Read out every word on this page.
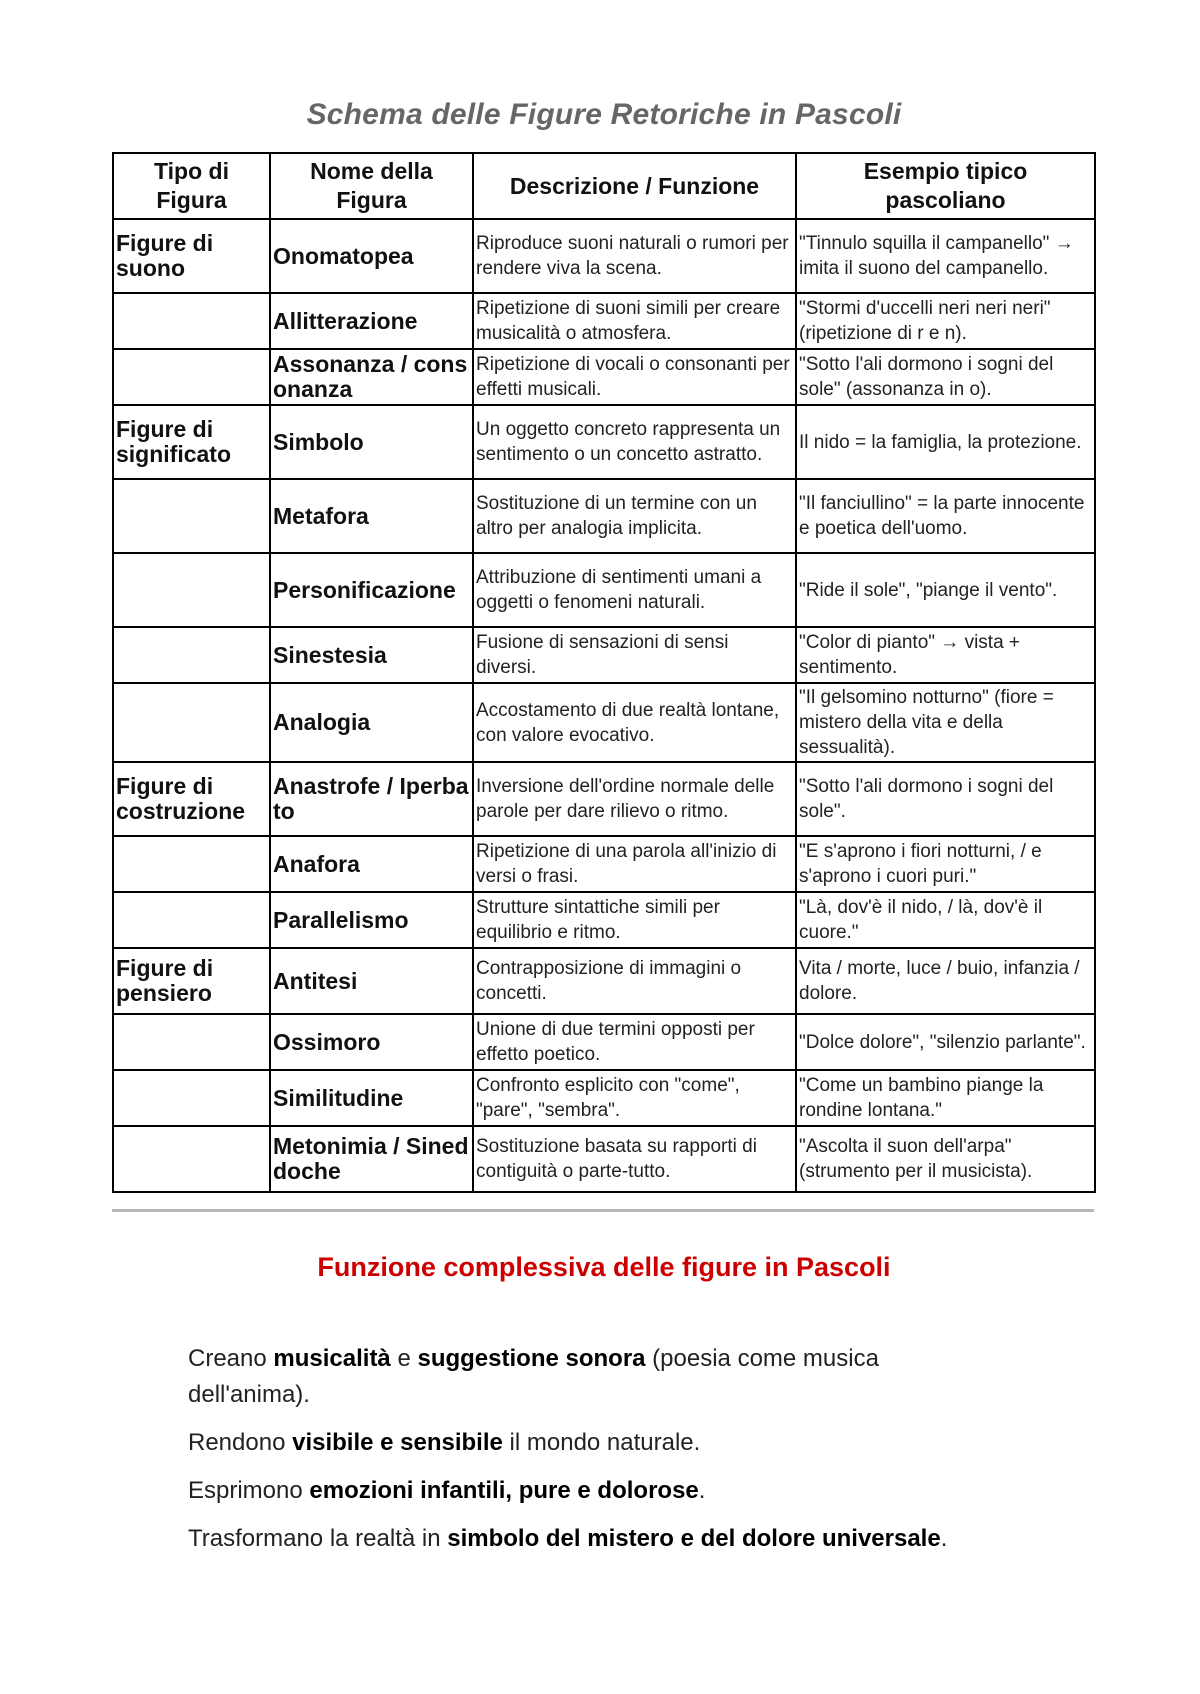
Schema delle Figure Retoriche in Pascoli
Tipo di Figura	Nome della Figura	Descrizione / Funzione	Esempio tipico pascoliano
Figure di suono	Onomatopea	Riproduce suoni naturali o rumori per rendere viva la scena.	"Tinnulo squilla il campanello" → imita il suono del campanello.
	Allitterazione	Ripetizione di suoni simili per creare musicalità o atmosfera.	"Stormi d'uccelli neri neri neri" (ripetizione di r e n).
	Assonanza / consonanza	Ripetizione di vocali o consonanti per effetti musicali.	"Sotto l'ali dormono i sogni del sole" (assonanza in o).
Figure di significato	Simbolo	Un oggetto concreto rappresenta un sentimento o un concetto astratto.	Il nido = la famiglia, la protezione.
	Metafora	Sostituzione di un termine con un altro per analogia implicita.	"Il fanciullino" = la parte innocente e poetica dell'uomo.
	Personificazione	Attribuzione di sentimenti umani a oggetti o fenomeni naturali.	"Ride il sole", "piange il vento".
	Sinestesia	Fusione di sensazioni di sensi diversi.	"Color di pianto" → vista + sentimento.
	Analogia	Accostamento di due realtà lontane, con valore evocativo.	"Il gelsomino notturno" (fiore = mistero della vita e della sessualità).
Figure di costruzione	Anastrofe / Iperbato	Inversione dell'ordine normale delle parole per dare rilievo o ritmo.	"Sotto l'ali dormono i sogni del sole".
	Anafora	Ripetizione di una parola all'inizio di versi o frasi.	"E s'aprono i fiori notturni, / e s'aprono i cuori puri."
	Parallelismo	Strutture sintattiche simili per equilibrio e ritmo.	"Là, dov'è il nido, / là, dov'è il cuore."
Figure di pensiero	Antitesi	Contrapposizione di immagini o concetti.	Vita / morte, luce / buio, infanzia / dolore.
	Ossimoro	Unione di due termini opposti per effetto poetico.	"Dolce dolore", "silenzio parlante".
	Similitudine	Confronto esplicito con "come", "pare", "sembra".	"Come un bambino piange la rondine lontana."
	Metonimia / Sineddoche	Sostituzione basata su rapporti di contiguità o parte-tutto.	"Ascolta il suon dell'arpa" (strumento per il musicista).
Funzione complessiva delle figure in Pascoli

Creano musicalità e suggestione sonora (poesia come musica dell'anima).

Rendono visibile e sensibile il mondo naturale.

Esprimono emozioni infantili, pure e dolorose.

Trasformano la realtà in simbolo del mistero e del dolore universale.
